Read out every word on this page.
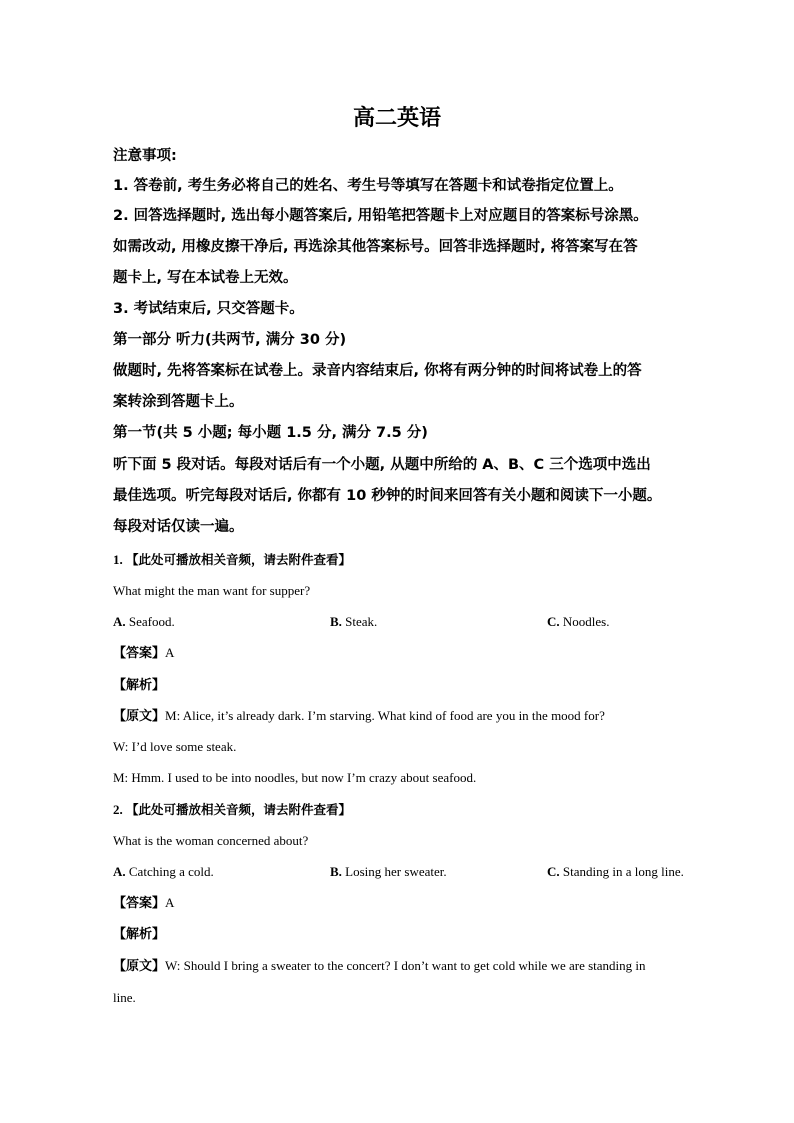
高二英语
注意事项:
1. 答卷前, 考生务必将自己的姓名、考生号等填写在答题卡和试卷指定位置上。
2. 回答选择题时, 选出每小题答案后, 用铅笔把答题卡上对应题目的答案标号涂黑。
如需改动, 用橡皮擦干净后, 再选涂其他答案标号。回答非选择题时, 将答案写在答
题卡上, 写在本试卷上无效。
3. 考试结束后, 只交答题卡。
第一部分 听力(共两节, 满分 30 分)
做题时, 先将答案标在试卷上。录音内容结束后, 你将有两分钟的时间将试卷上的答
案转涂到答题卡上。
第一节(共 5 小题; 每小题 1.5 分, 满分 7.5 分)
听下面 5 段对话。每段对话后有一个小题, 从题中所给的 A、B、C 三个选项中选出
最佳选项。听完每段对话后, 你都有 10 秒钟的时间来回答有关小题和阅读下一小题。
每段对话仅读一遍。
1. 【此处可播放相关音频，请去附件查看】
What might the man want for supper?
A. Seafood.	B. Steak.	C. Noodles.
【答案】A
【解析】
【原文】M: Alice, it’s already dark. I’m starving. What kind of food are you in the mood for?
W: I’d love some steak.
M: Hmm. I used to be into noodles, but now I’m crazy about seafood.
2. 【此处可播放相关音频，请去附件查看】
What is the woman concerned about?
A. Catching a cold.	B. Losing her sweater.	C. Standing in a long line.
【答案】A
【解析】
【原文】W: Should I bring a sweater to the concert? I don’t want to get cold while we are standing in
line.
